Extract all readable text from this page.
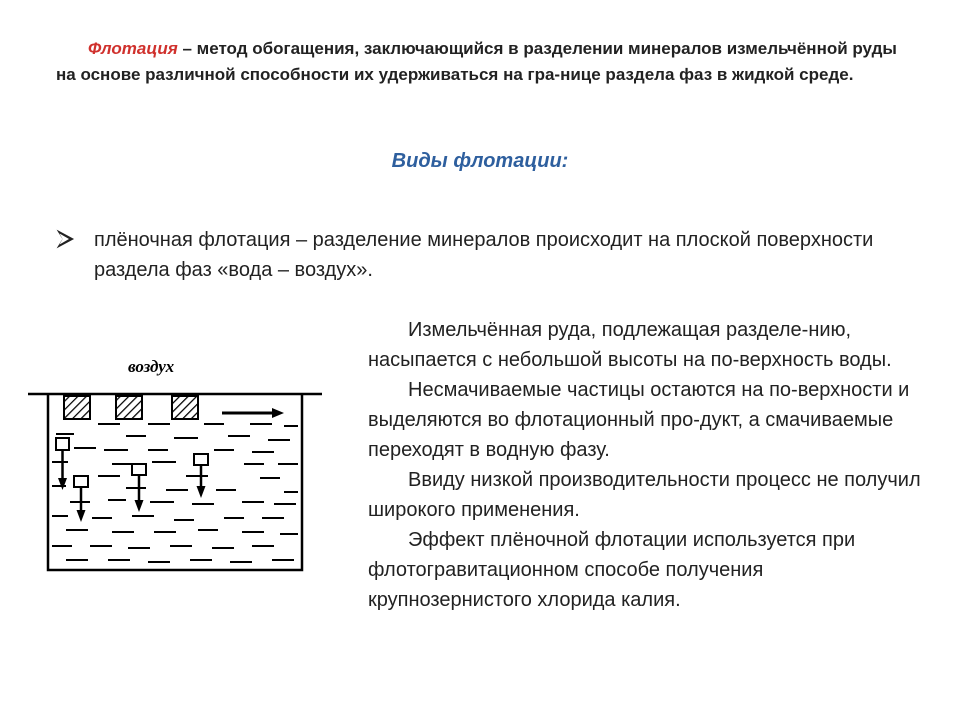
Флотация – метод обогащения, заключающийся в разделении минералов измельчённой руды на основе различной способности их удерживаться на гра-нице раздела фаз в жидкой среде.

Виды флотации:
плёночная флотация – разделение минералов происходит на плоской поверхности раздела фаз «вода – воздух».
воздух

Измельчённая руда, подлежащая разделе-нию, насыпается с небольшой высоты на по-верхность воды.

Несмачиваемые частицы остаются на по-верхности и выделяются во флотационный про-дукт, а смачиваемые переходят в водную фазу.

Ввиду низкой производительности процесс не получил широкого применения.

Эффект плёночной флотации используется при флотогравитационном способе получения крупнозернистого хлорида калия.
